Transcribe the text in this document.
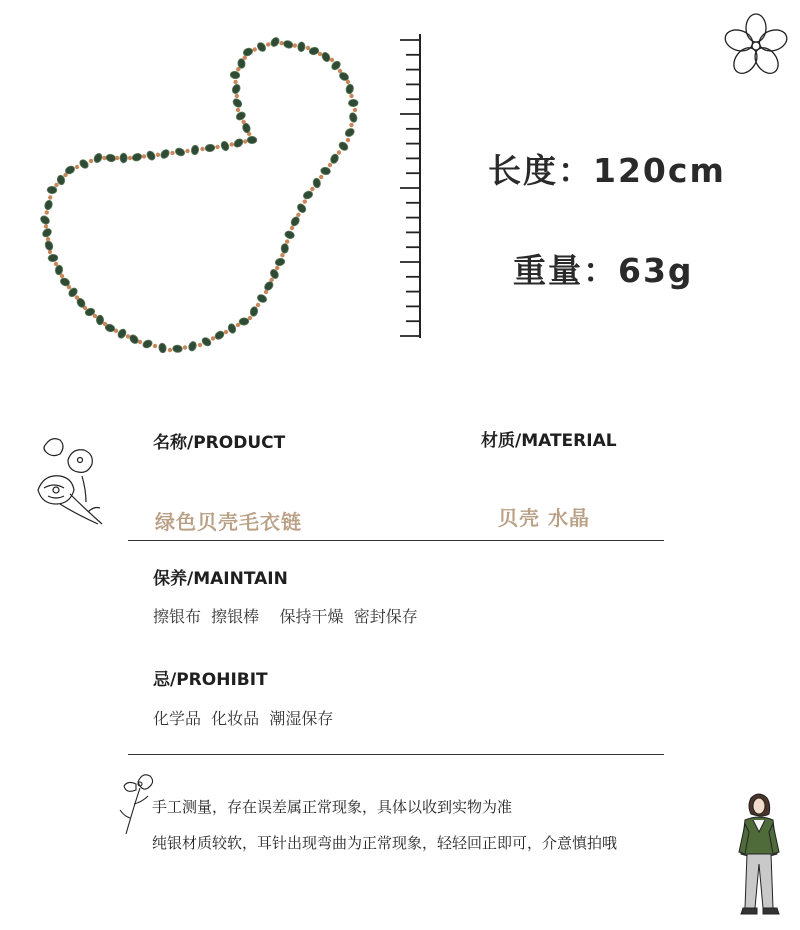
长度：120cm
重量：63g
名称/PRODUCT	材质/MATERIAL
绿色贝壳毛衣链	贝壳 水晶
保养/MAINTAIN
擦银布  擦银棒    保持干燥  密封保存
忌/PROHIBIT
化学品  化妆品  潮湿保存
手工测量，存在误差属正常现象，具体以收到实物为准
纯银材质较软，耳针出现弯曲为正常现象，轻轻回正即可，介意慎拍哦
